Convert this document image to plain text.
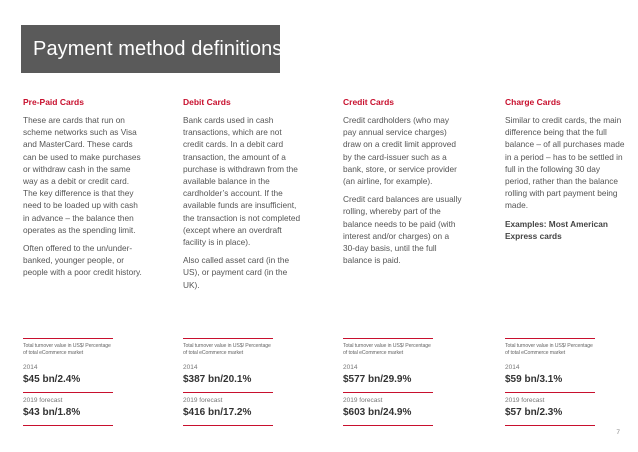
Payment method definitions

Pre-Paid Cards

These are cards that run on scheme networks such as Visa and MasterCard. These cards can be used to make purchases or withdraw cash in the same way as a debit or credit card. The key difference is that they need to be loaded up with cash in advance – the balance then operates as the spending limit.

Often offered to the un/under-banked, younger people, or people with a poor credit history.

Debit Cards

Bank cards used in cash transactions, which are not credit cards. In a debit card transaction, the amount of a purchase is withdrawn from the available balance in the cardholder’s account. If the available funds are insufficient, the transaction is not completed (except where an overdraft facility is in place).

Also called asset card (in the US), or payment card (in the UK).

Credit Cards

Credit cardholders (who may pay annual service charges) draw on a credit limit approved by the card-issuer such as a bank, store, or service provider (an airline, for example).

Credit card balances are usually rolling, whereby part of the balance needs to be paid (with interest and/or charges) on a 30-day basis, until the full balance is paid.

Charge Cards

Similar to credit cards, the main difference being that the full balance – of all purchases made in a period – has to be settled in full in the following 30 day period, rather than the balance rolling with part payment being made.

Examples: Most American Express cards

Total turnover value in US$/ Percentage of total eCommerce market

2014

$45 bn/2.4%

2019 forecast

$43 bn/1.8%

Total turnover value in US$/ Percentage of total eCommerce market

2014

$387 bn/20.1%

2019 forecast

$416 bn/17.2%

Total turnover value in US$/ Percentage of total eCommerce market

2014

$577 bn/29.9%

2019 forecast

$603 bn/24.9%

Total turnover value in US$/ Percentage of total eCommerce market

2014

$59 bn/3.1%

2019 forecast

$57 bn/2.3%

7
